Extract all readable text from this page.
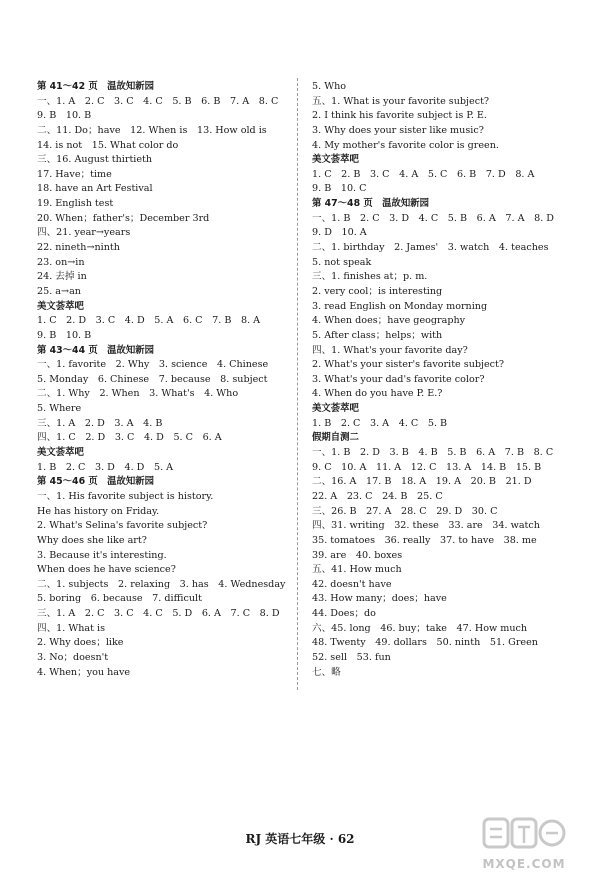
第 41～42 页　温故知新园
一、1. A　2. C　3. C　4. C　5. B　6. B　7. A　8. C
9. B　10. B
二、11. Do；have　12. When is　13. How old is
14. is not　15. What color do
三、16. August thirtieth
17. Have；time
18. have an Art Festival
19. English test
20. When；father's；December 3rd
四、21. year→years
22. nineth→ninth
23. on→in
24. 去掉 in
25. a→an
美文荟萃吧
1. C　2. D　3. C　4. D　5. A　6. C　7. B　8. A
9. B　10. B
第 43～44 页　温故知新园
一、1. favorite　2. Why　3. science　4. Chinese
5. Monday　6. Chinese　7. because　8. subject
二、1. Why　2. When　3. What's　4. Who
5. Where
三、1. A　2. D　3. A　4. B
四、1. C　2. D　3. C　4. D　5. C　6. A
美文荟萃吧
1. B　2. C　3. D　4. D　5. A
第 45～46 页　温故知新园
一、1. His favorite subject is history.
He has history on Friday.
2. What's Selina's favorite subject?
Why does she like art?
3. Because it's interesting.
When does he have science?
二、1. subjects　2. relaxing　3. has　4. Wednesday
5. boring　6. because　7. difficult
三、1. A　2. C　3. C　4. C　5. D　6. A　7. C　8. D
四、1. What is
2. Why does；like
3. No；doesn't
4. When；you have
5. Who
五、1. What is your favorite subject?
2. I think his favorite subject is P. E.
3. Why does your sister like music?
4. My mother's favorite color is green.
美文荟萃吧
1. C　2. B　3. C　4. A　5. C　6. B　7. D　8. A
9. B　10. C
第 47～48 页　温故知新园
一、1. B　2. C　3. D　4. C　5. B　6. A　7. A　8. D
9. D　10. A
二、1. birthday　2. James'　3. watch　4. teaches
5. not speak
三、1. finishes at；p. m.
2. very cool；is interesting
3. read English on Monday morning
4. When does；have geography
5. After class；helps；with
四、1. What's your favorite day?
2. What's your sister's favorite subject?
3. What's your dad's favorite color?
4. When do you have P. E.?
美文荟萃吧
1. B　2. C　3. A　4. C　5. B
假期自测二
一、1. B　2. D　3. B　4. B　5. B　6. A　7. B　8. C
9. C　10. A　11. A　12. C　13. A　14. B　15. B
二、16. A　17. B　18. A　19. A　20. B　21. D
22. A　23. C　24. B　25. C
三、26. B　27. A　28. C　29. D　30. C
四、31. writing　32. these　33. are　34. watch
35. tomatoes　36. really　37. to have　38. me
39. are　40. boxes
五、41. How much
42. doesn't have
43. How many；does；have
44. Does；do
六、45. long　46. buy；take　47. How much
48. Twenty　49. dollars　50. ninth　51. Green
52. sell　53. fun
七、略
RJ 英语七年级 · 62
MXQE.COM
